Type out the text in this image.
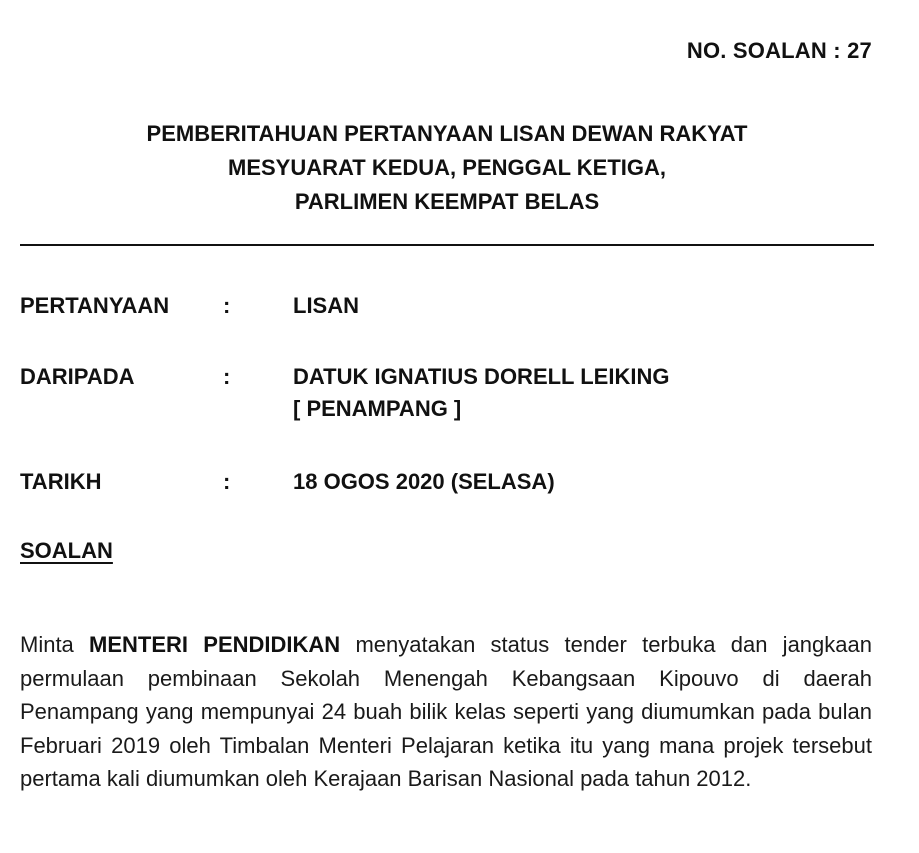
NO. SOALAN : 27
PEMBERITAHUAN PERTANYAAN LISAN DEWAN RAKYAT
MESYUARAT KEDUA, PENGGAL KETIGA,
PARLIMEN KEEMPAT BELAS
PERTANYAAN :	LISAN
DARIPADA	:	DATUK IGNATIUS DORELL LEIKING
[ PENAMPANG ]
TARIKH	:	18 OGOS 2020 (SELASA)
SOALAN

Minta MENTERI PENDIDIKAN menyatakan status tender terbuka dan jangkaan permulaan pembinaan Sekolah Menengah Kebangsaan Kipouvo di daerah Penampang yang mempunyai 24 buah bilik kelas seperti yang diumumkan pada bulan Februari 2019 oleh Timbalan Menteri Pelajaran ketika itu yang mana projek tersebut pertama kali diumumkan oleh Kerajaan Barisan Nasional pada tahun 2012.
